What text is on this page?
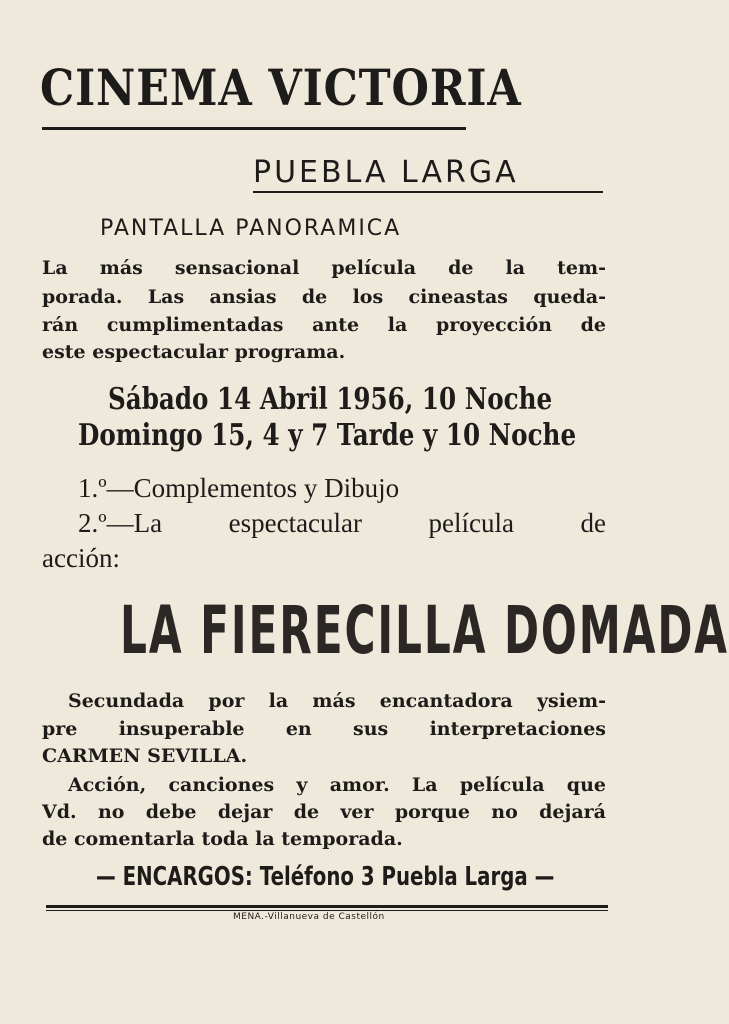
CINEMA VICTORIA
PUEBLA LARGA
PANTALLA PANORAMICA
La más sensacional película de la tem-
porada. Las ansias de los cineastas queda-
rán cumplimentadas ante la proyección de
este espectacular programa.
Sábado 14 Abril 1956, 10 Noche
Domingo 15, 4 y 7 Tarde y 10 Noche
1.º—Complementos y Dibujo
2.º—La espectacular película de
acción:
LA FIERECILLA DOMADA
Secundada por la más encantadora ysiem-
pre insuperable en sus interpretaciones
CARMEN SEVILLA.
Acción, canciones y amor. La película que
Vd. no debe dejar de ver porque no dejará
de comentarla toda la temporada.
— ENCARGOS: Teléfono 3 Puebla Larga —
MENA.-Villanueva de Castellón
